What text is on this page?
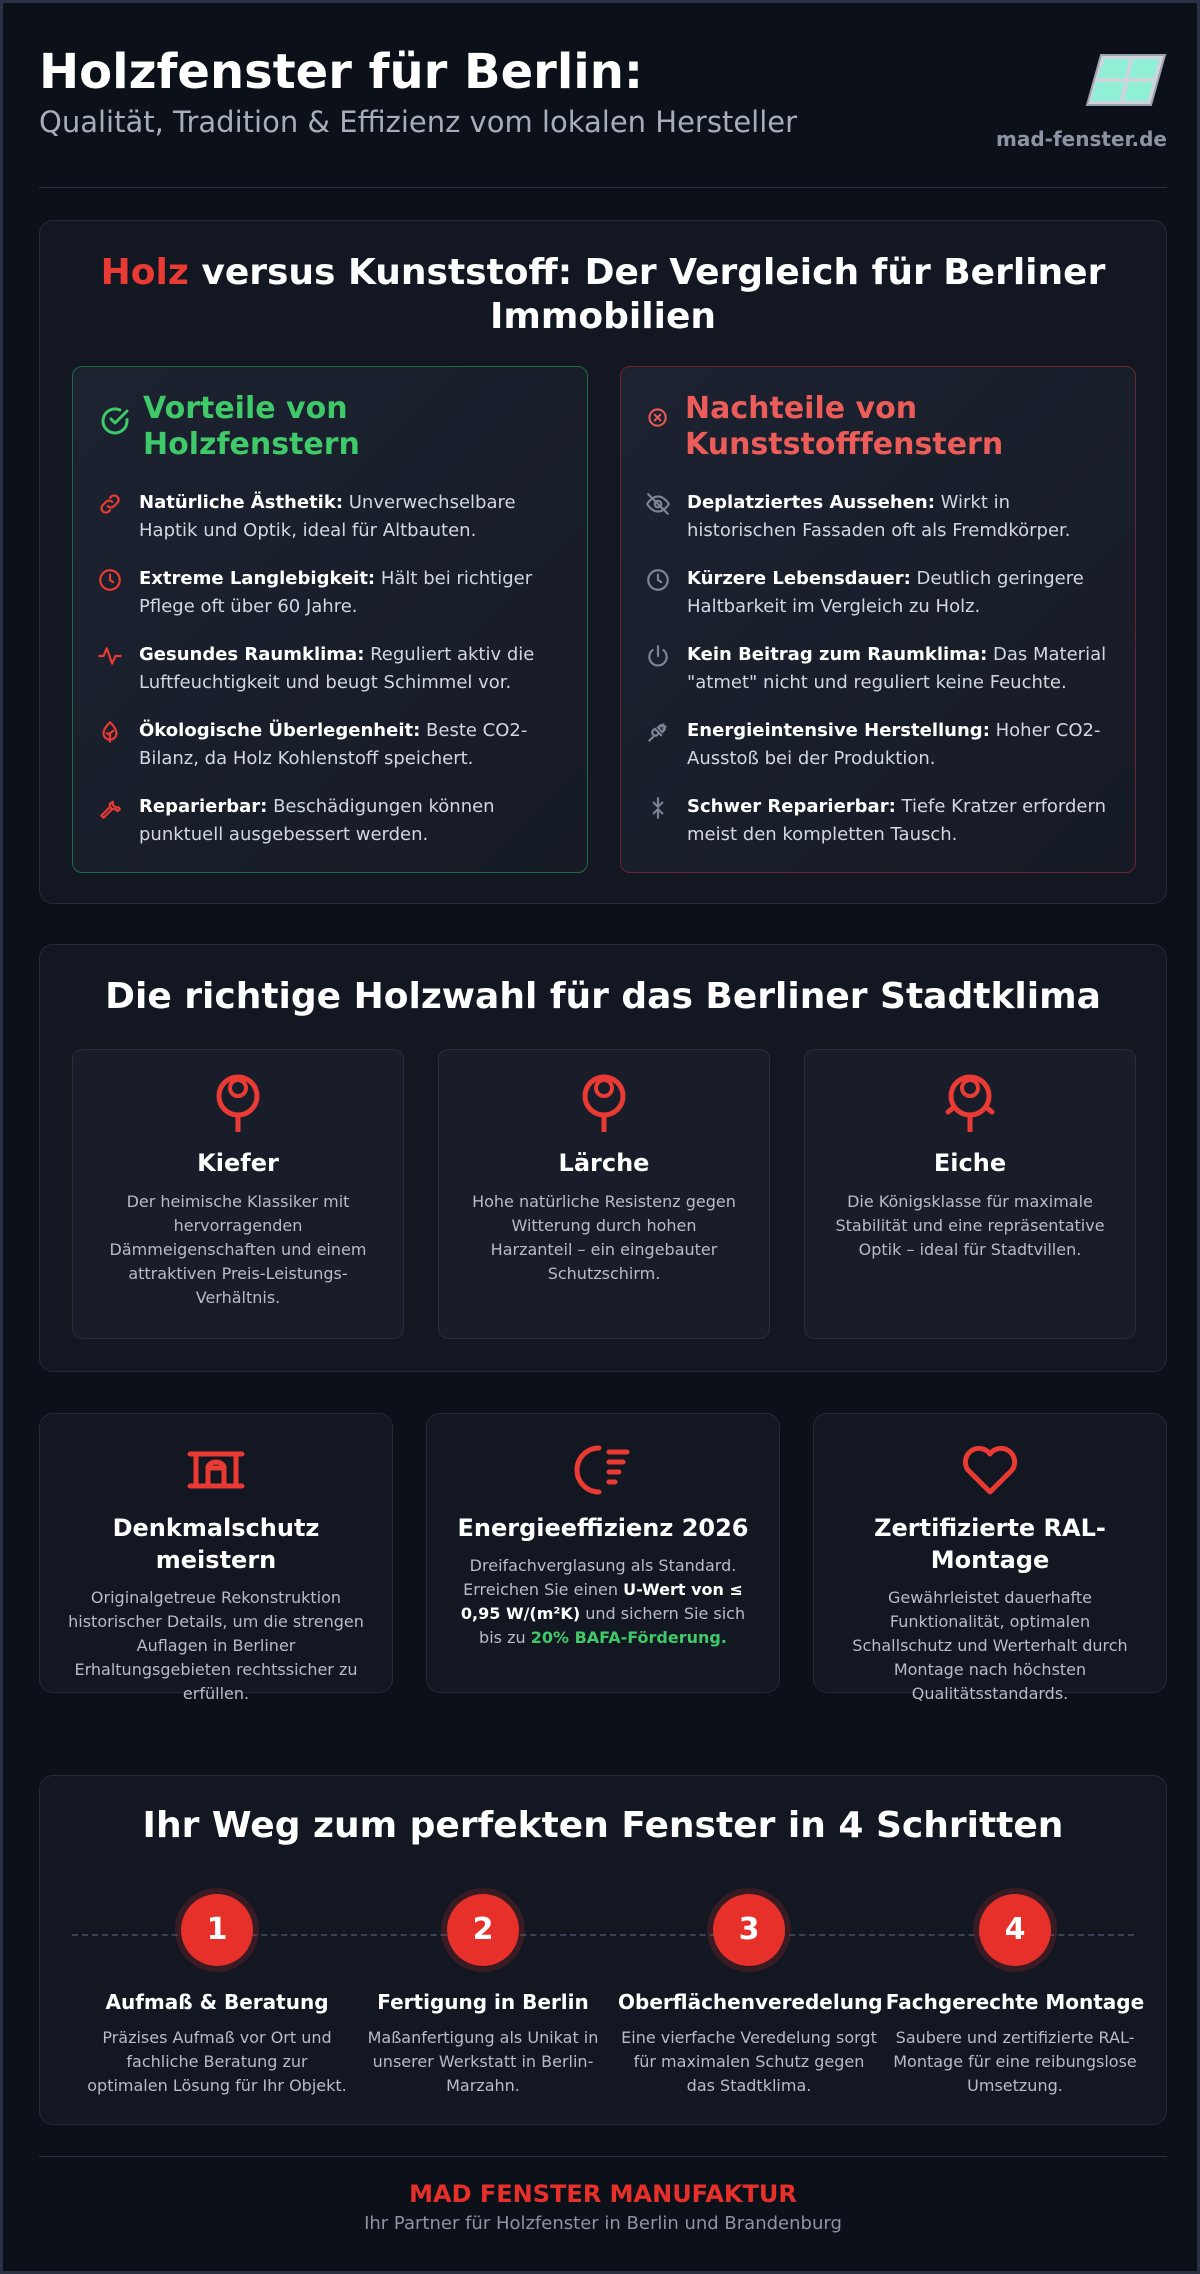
Holzfenster für Berlin:
Qualität, Tradition & Effizienz vom lokalen Hersteller	mad-fenster.de
Holz versus Kunststoff: Der Vergleich für Berliner Immobilien
Vorteile von Holzfenstern
Natürliche Ästhetik: Unverwechselbare Haptik und Optik, ideal für Altbauten.
Extreme Langlebigkeit: Hält bei richtiger Pflege oft über 60 Jahre.
Gesundes Raumklima: Reguliert aktiv die Luftfeuchtigkeit und beugt Schimmel vor.
Ökologische Überlegenheit: Beste CO2-Bilanz, da Holz Kohlenstoff speichert.
Reparierbar: Beschädigungen können punktuell ausgebessert werden.
Nachteile von Kunststofffenstern
Deplatziertes Aussehen: Wirkt in historischen Fassaden oft als Fremdkörper.
Kürzere Lebensdauer: Deutlich geringere Haltbarkeit im Vergleich zu Holz.
Kein Beitrag zum Raumklima: Das Material "atmet" nicht und reguliert keine Feuchte.
Energieintensive Herstellung: Hoher CO2-Ausstoß bei der Produktion.
Schwer Reparierbar: Tiefe Kratzer erfordern meist den kompletten Tausch.
Die richtige Holzwahl für das Berliner Stadtklima
Kiefer
Der heimische Klassiker mit hervorragenden Dämmeigenschaften und einem attraktiven Preis-Leistungs-Verhältnis.
Lärche
Hohe natürliche Resistenz gegen Witterung durch hohen Harzanteil – ein eingebauter Schutzschirm.
Eiche
Die Königsklasse für maximale Stabilität und eine repräsentative Optik – ideal für Stadtvillen.
Denkmalschutz meistern
Originalgetreue Rekonstruktion historischer Details, um die strengen Auflagen in Berliner Erhaltungsgebieten rechtssicher zu erfüllen.
Energieeffizienz 2026
Dreifachverglasung als Standard. Erreichen Sie einen U-Wert von ≤ 0,95 W/(m²K) und sichern Sie sich bis zu 20% BAFA-Förderung.
Zertifizierte RAL-Montage
Gewährleistet dauerhafte Funktionalität, optimalen Schallschutz und Werterhalt durch Montage nach höchsten Qualitätsstandards.
Ihr Weg zum perfekten Fenster in 4 Schritten
1
Aufmaß & Beratung
Präzises Aufmaß vor Ort und fachliche Beratung zur optimalen Lösung für Ihr Objekt.
2
Fertigung in Berlin
Maßanfertigung als Unikat in unserer Werkstatt in Berlin-Marzahn.
3
Oberflächenveredelung
Eine vierfache Veredelung sorgt für maximalen Schutz gegen das Stadtklima.
4
Fachgerechte Montage
Saubere und zertifizierte RAL-Montage für eine reibungslose Umsetzung.
MAD FENSTER MANUFAKTUR
Ihr Partner für Holzfenster in Berlin und Brandenburg
